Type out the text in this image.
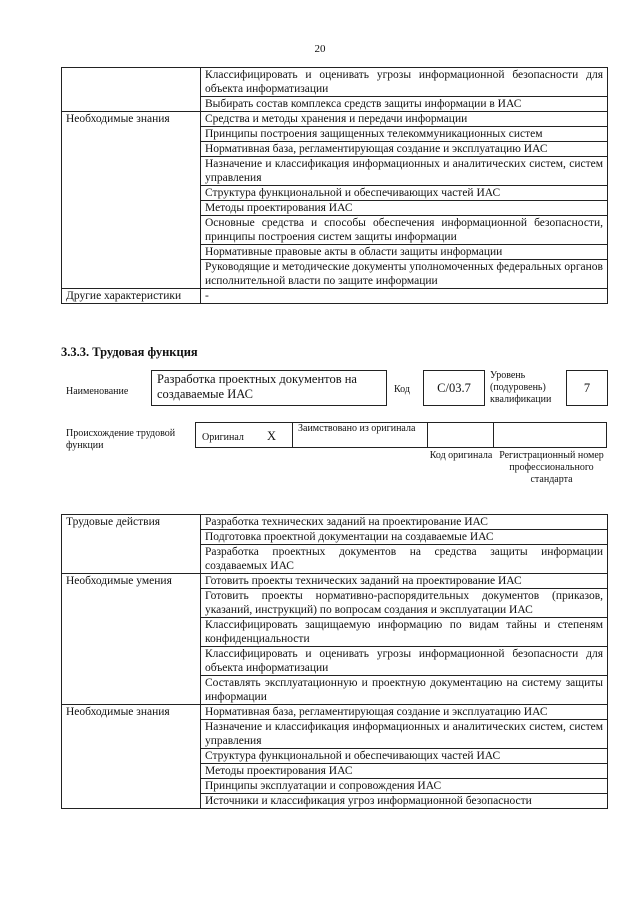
20
	Классифицировать и оценивать угрозы информационной безопасности для объекта информатизации
	Выбирать состав комплекса средств защиты информации в ИАС
Необходимые знания	Средства и методы хранения и передачи информации
	Принципы построения защищенных телекоммуникационных систем
	Нормативная база, регламентирующая создание и эксплуатацию ИАС
	Назначение и классификация информационных и аналитических систем, систем управления
	Структура функциональной и обеспечивающих частей ИАС
	Методы проектирования ИАС
	Основные средства и способы обеспечения информационной безопасности, принципы построения систем защиты информации
	Нормативные правовые акты в области защиты информации
	Руководящие и методические документы уполномоченных федеральных органов исполнительной власти по защите информации
Другие характеристики	-
3.3.3. Трудовая функция
Наименование
Разработка проектных документов на создаваемые ИАС	Код C/03.7
Уровень (подуровень) квалификации
7
Происхождение трудовой функции
Оригинал X
Заимствовано из оригинала
Код оригинала Регистрационный номер профессионального стандарта
Трудовые действия	Разработка технических заданий на проектирование ИАС
	Подготовка проектной документации на создаваемые ИАС
	Разработка проектных документов на средства защиты информации создаваемых ИАС
Необходимые умения	Готовить проекты технических заданий на проектирование ИАС
	Готовить проекты нормативно-распорядительных документов (приказов, указаний, инструкций) по вопросам создания и эксплуатации ИАС
	Классифицировать защищаемую информацию по видам тайны и степеням конфиденциальности
	Классифицировать и оценивать угрозы информационной безопасности для объекта информатизации
	Составлять эксплуатационную и проектную документацию на систему защиты информации
Необходимые знания	Нормативная база, регламентирующая создание и эксплуатацию ИАС
	Назначение и классификация информационных и аналитических систем, систем управления
	Структура функциональной и обеспечивающих частей ИАС
	Методы проектирования ИАС
	Принципы эксплуатации и сопровождения ИАС
	Источники и классификация угроз информационной безопасности
